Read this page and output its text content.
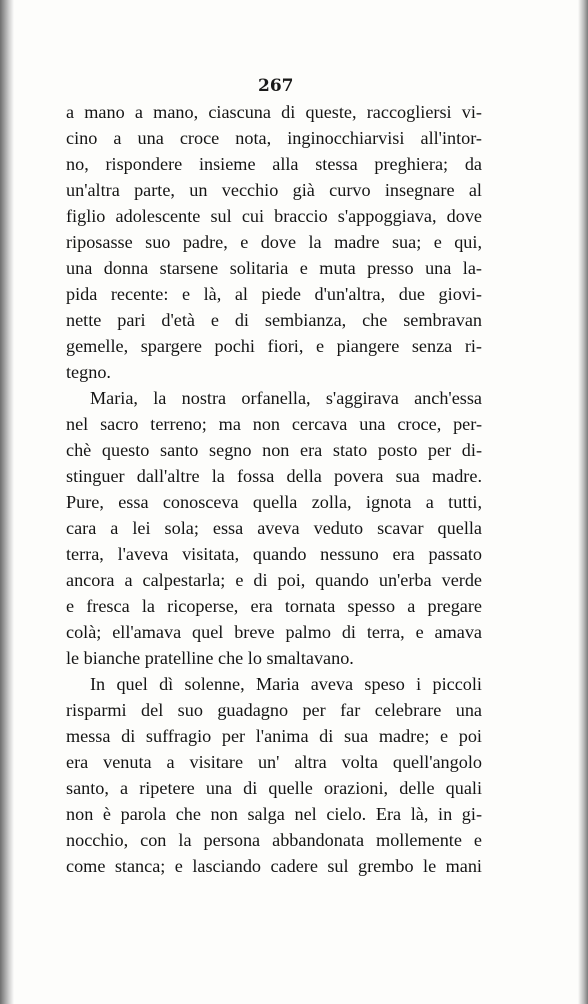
267
a mano a mano, ciascuna di queste, raccogliersi vi-
cino a una croce nota, inginocchiarvisi all'intor-
no, rispondere insieme alla stessa preghiera; da
un'altra parte, un vecchio già curvo insegnare al
figlio adolescente sul cui braccio s'appoggiava, dove
riposasse suo padre, e dove la madre sua; e qui,
una donna starsene solitaria e muta presso una la-
pida recente: e là, al piede d'un'altra, due giovi-
nette pari d'età e di sembianza, che sembravan
gemelle, spargere pochi fiori, e piangere senza ri-
tegno.
Maria, la nostra orfanella, s'aggirava anch'essa
nel sacro terreno; ma non cercava una croce, per-
chè questo santo segno non era stato posto per di-
stinguer dall'altre la fossa della povera sua madre.
Pure, essa conosceva quella zolla, ignota a tutti,
cara a lei sola; essa aveva veduto scavar quella
terra, l'aveva visitata, quando nessuno era passato
ancora a calpestarla; e di poi, quando un'erba verde
e fresca la ricoperse, era tornata spesso a pregare
colà; ell'amava quel breve palmo di terra, e amava
le bianche pratelline che lo smaltavano.
In quel dì solenne, Maria aveva speso i piccoli
risparmi del suo guadagno per far celebrare una
messa di suffragio per l'anima di sua madre; e poi
era venuta a visitare un' altra volta quell'angolo
santo, a ripetere una di quelle orazioni, delle quali
non è parola che non salga nel cielo. Era là, in gi-
nocchio, con la persona abbandonata mollemente e
come stanca; e lasciando cadere sul grembo le mani
